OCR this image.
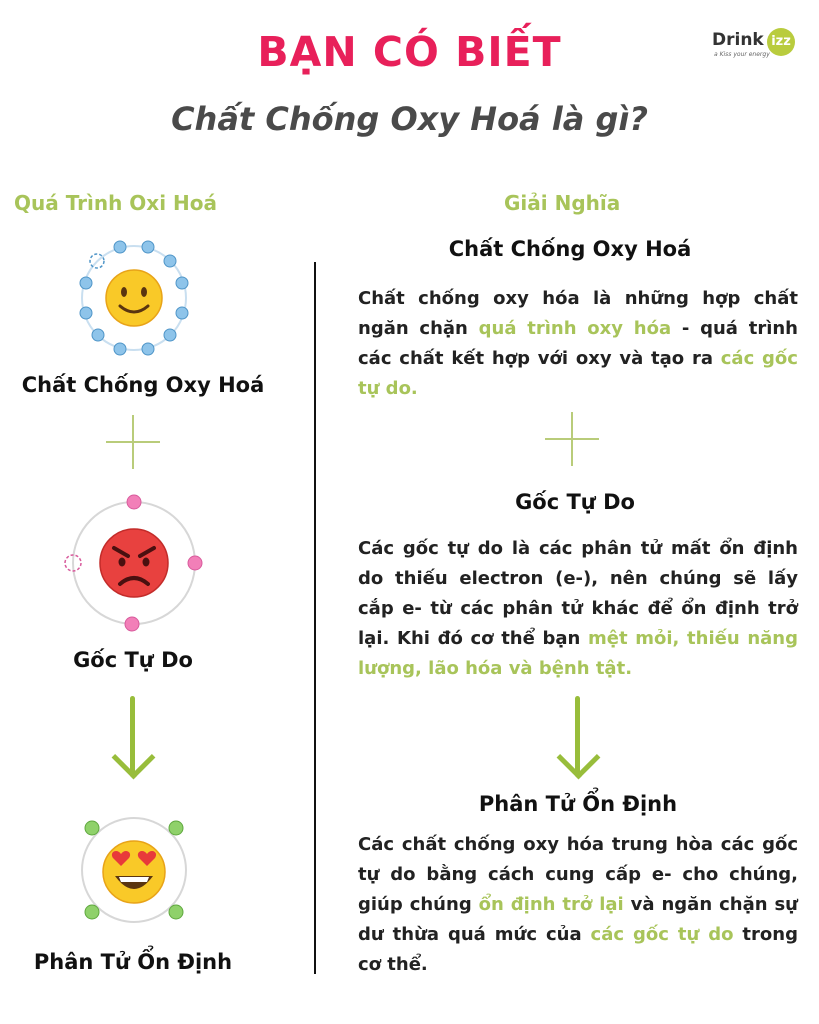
BẠN CÓ BIẾT
Chất Chống Oxy Hoá là gì?
Drink izz
a Kiss your energy
Quá Trình Oxi Hoá
Chất Chống Oxy Hoá
Gốc Tự Do
Phân Tử Ổn Định
Giải Nghĩa
Chất Chống Oxy Hoá
Chất chống oxy hóa là những hợp chất ngăn chặn quá trình oxy hóa - quá trình các chất kết hợp với oxy và tạo ra các gốc tự do.
Gốc Tự Do
Các gốc tự do là các phân tử mất ổn định do thiếu electron (e-), nên chúng sẽ lấy cắp e- từ các phân tử khác để ổn định trở lại. Khi đó cơ thể bạn mệt mỏi, thiếu năng lượng, lão hóa và bệnh tật.
Phân Tử Ổn Định
Các chất chống oxy hóa trung hòa các gốc tự do bằng cách cung cấp e- cho chúng, giúp chúng ổn định trở lại và ngăn chặn sự dư thừa quá mức của các gốc tự do trong cơ thể.
